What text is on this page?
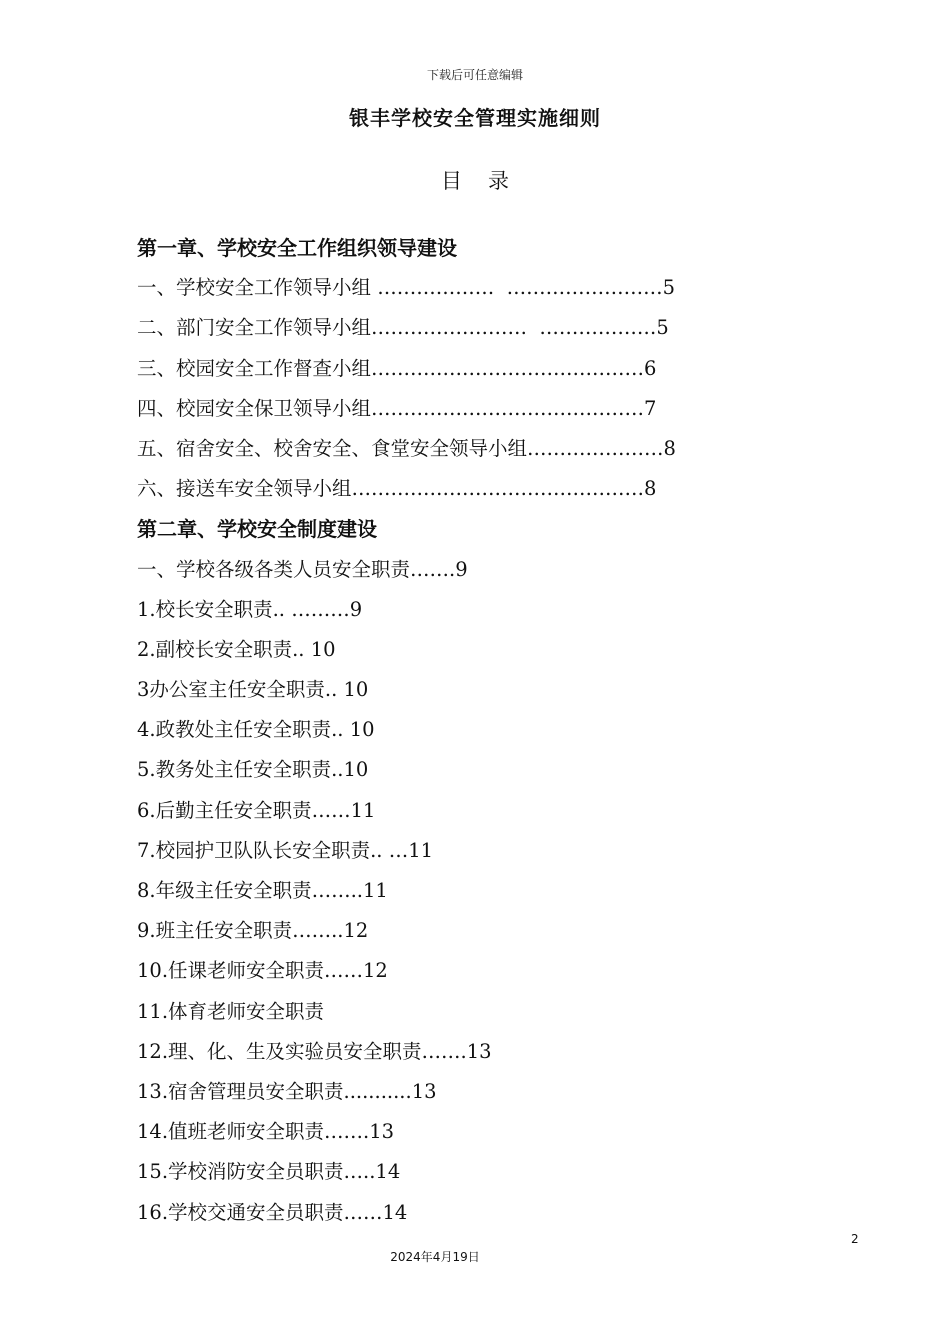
下载后可任意编辑
银丰学校安全管理实施细则
目录
第一章、学校安全工作组织领导建设
一、学校安全工作领导小组 ………………  ……………………5
二、部门安全工作领导小组……………………  ………………5
三、校园安全工作督查小组……………………………………6
四、校园安全保卫领导小组……………………………………7
五、宿舍安全、校舍安全、食堂安全领导小组…………………8
六、接送车安全领导小组………………………………………8
第二章、学校安全制度建设
一、学校各级各类人员安全职责…….9
1.校长安全职责.. ………9
2.副校长安全职责.. 10
3办公室主任安全职责.. 10
4.政教处主任安全职责.. 10
5.教务处主任安全职责..10
6.后勤主任安全职责……11
7.校园护卫队队长安全职责.. …11
8.年级主任安全职责……..11
9.班主任安全职责……..12
10.任课老师安全职责……12
11.体育老师安全职责
12.理、化、生及实验员安全职责…….13
13.宿舍管理员安全职责...........13
14.值班老师安全职责…….13
15.学校消防安全员职责…..14
16.学校交通安全员职责……14
2
2024年4月19日
